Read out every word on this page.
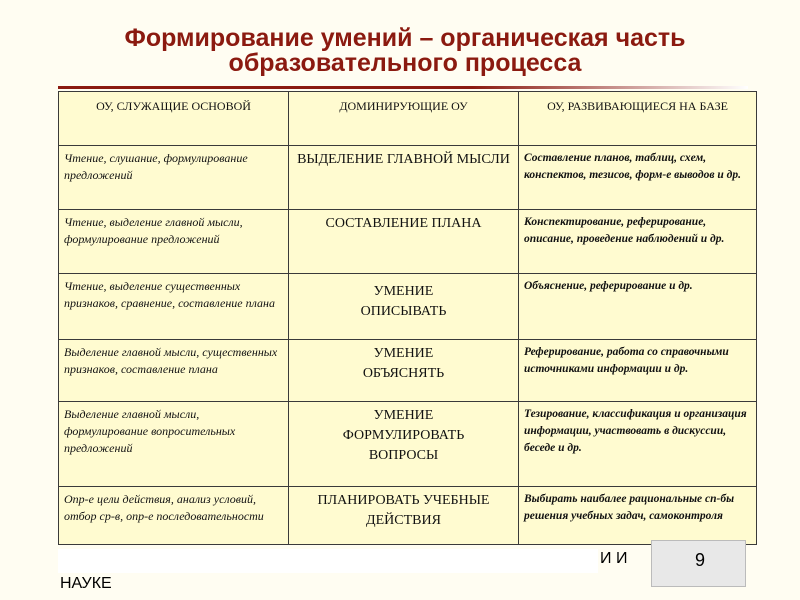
Формирование умений – органическая часть
образовательного процесса
ОУ, СЛУЖАЩИЕ ОСНОВОЙ	ДОМИНИРУЮЩИЕ ОУ	ОУ, РАЗВИВАЮЩИЕСЯ НА БАЗЕ
Чтение, слушание, формулирование предложений	ВЫДЕЛЕНИЕ ГЛАВНОЙ МЫСЛИ	Составление планов, таблиц, схем, конспектов, тезисов, форм-е выводов и др.
Чтение, выделение главной мысли, формулирование предложений	СОСТАВЛЕНИЕ ПЛАНА	Конспектирование, реферирование, описание, проведение наблюдений и др.
Чтение, выделение существенных признаков, сравнение, составление плана	УМЕНИЕ ОПИСЫВАТЬ	Объяснение, реферирование и др.
Выделение главной мысли, существенных признаков, составление плана	УМЕНИЕ ОБЪЯСНЯТЬ	Реферирование, работа со справочными источниками информации и др.
Выделение главной мысли, формулирование вопросительных предложений	УМЕНИЕ ФОРМУЛИРОВАТЬ ВОПРОСЫ	Тезирование, классификация и организация информации, участвовать в дискуссии, беседе и др.
Опр-е цели действия, анализ условий, отбор ср-в, опр-е последовательности	ПЛАНИРОВАТЬ УЧЕБНЫЕ ДЕЙСТВИЯ	Выбирать наибалее рациональные сп-бы решения учебных задач, самоконтроля
И И	9
НАУКЕ
